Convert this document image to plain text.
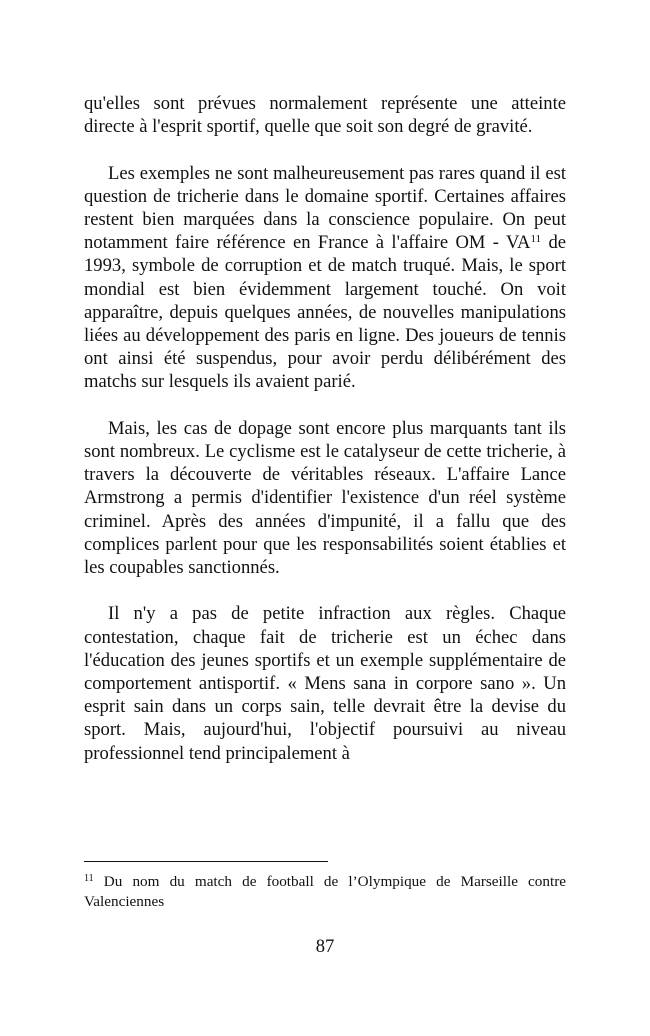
qu'elles sont prévues normalement représente une atteinte directe à l'esprit sportif, quelle que soit son degré de gravité.

Les exemples ne sont malheureusement pas rares quand il est question de tricherie dans le domaine sportif. Certaines affaires restent bien marquées dans la conscience populaire. On peut notamment faire référence en France à l'affaire OM - VA$^{11}$ de 1993, symbole de corruption et de match truqué. Mais, le sport mondial est bien évidemment largement touché. On voit apparaître, depuis quelques années, de nouvelles manipulations liées au développement des paris en ligne. Des joueurs de tennis ont ainsi été suspendus, pour avoir perdu délibérément des matchs sur lesquels ils avaient parié.

Mais, les cas de dopage sont encore plus marquants tant ils sont nombreux. Le cyclisme est le catalyseur de cette tricherie, à travers la découverte de véritables réseaux. L'affaire Lance Armstrong a permis d'identifier l'existence d'un réel système criminel. Après des années d'impunité, il a fallu que des complices parlent pour que les responsabilités soient établies et les coupables sanctionnés.

Il n'y a pas de petite infraction aux règles. Chaque contestation, chaque fait de tricherie est un échec dans l'éducation des jeunes sportifs et un exemple supplémentaire de comportement antisportif. « Mens sana in corpore sano ». Un esprit sain dans un corps sain, telle devrait être la devise du sport. Mais, aujourd'hui, l'objectif poursuivi au niveau professionnel tend principalement à

$^{11}$ Du nom du match de football de l’Olympique de Marseille contre Valenciennes

87
